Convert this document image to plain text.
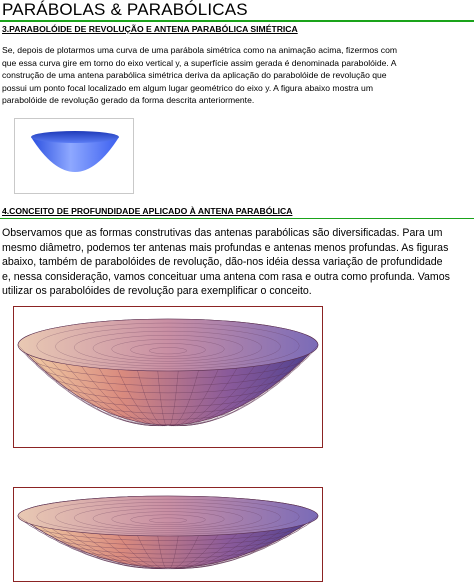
PARÁBOLAS & PARABÓLICAS
3.PARABOLÓIDE DE REVOLUÇÃO E ANTENA PARABÓLICA SIMÉTRICA

Se, depois de plotarmos uma curva de uma parábola simétrica como na animação acima, fizermos com

que essa curva gire em torno do eixo vertical y, a superfície assim gerada é denominada parabolóide. A

construção de uma antena parabólica simétrica deriva da aplicação do parabolóide de revolução que

possui um ponto focal localizado em algum lugar geométrico do eixo y. A figura abaixo mostra um

parabolóide de revolução gerado da forma descrita anteriormente.

4.CONCEITO DE PROFUNDIDADE APLICADO À ANTENA PARABÓLICA

Observamos que as formas construtivas das antenas parabólicas são diversificadas. Para um

mesmo diâmetro, podemos ter antenas mais profundas e antenas menos profundas. As figuras

abaixo, também de parabolóides de revolução, dão-nos idéia dessa variação de profundidade

e, nessa consideração, vamos conceituar uma antena com rasa e outra como profunda. Vamos

utilizar os parabolóides de revolução para exemplificar o conceito.
